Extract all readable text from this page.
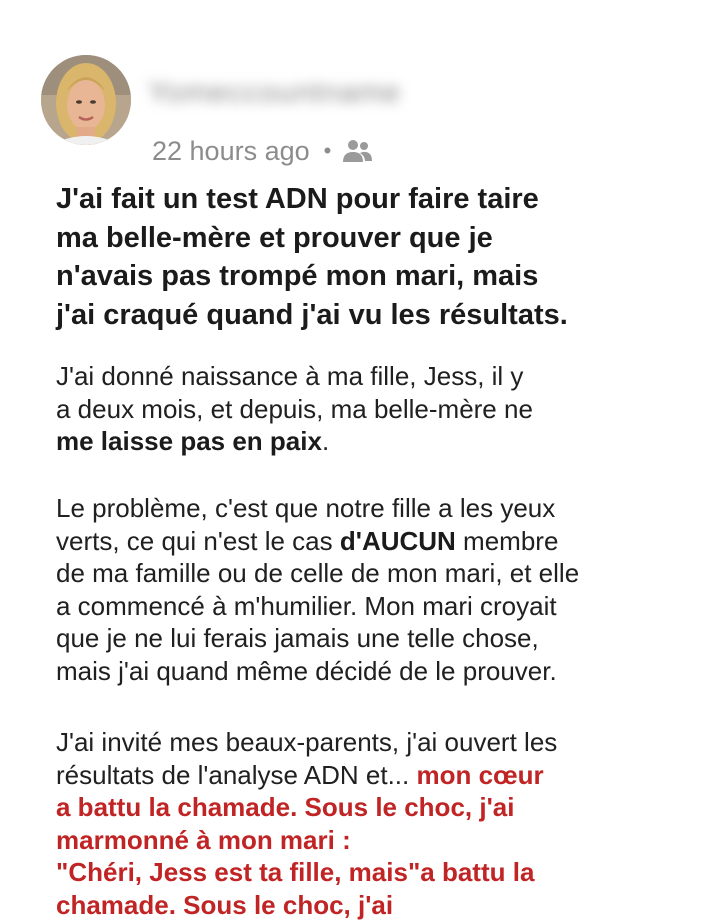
Yomeccountname
22 hours ago •
J'ai fait un test ADN pour faire taire
ma belle-mère et prouver que je
n'avais pas trompé mon mari, mais
j'ai craqué quand j'ai vu les résultats.

J'ai donné naissance à ma fille, Jess, il y
a deux mois, et depuis, ma belle-mère ne
me laisse pas en paix.

Le problème, c'est que notre fille a les yeux
verts, ce qui n'est le cas d'AUCUN membre
de ma famille ou de celle de mon mari, et elle
a commencé à m'humilier. Mon mari croyait
que je ne lui ferais jamais une telle chose,
mais j'ai quand même décidé de le prouver.

J'ai invité mes beaux-parents, j'ai ouvert les
résultats de l'analyse ADN et... mon cœur
a battu la chamade. Sous le choc, j'ai
marmonné à mon mari :
"Chéri, Jess est ta fille, mais"a battu la
chamade. Sous le choc, j'ai
